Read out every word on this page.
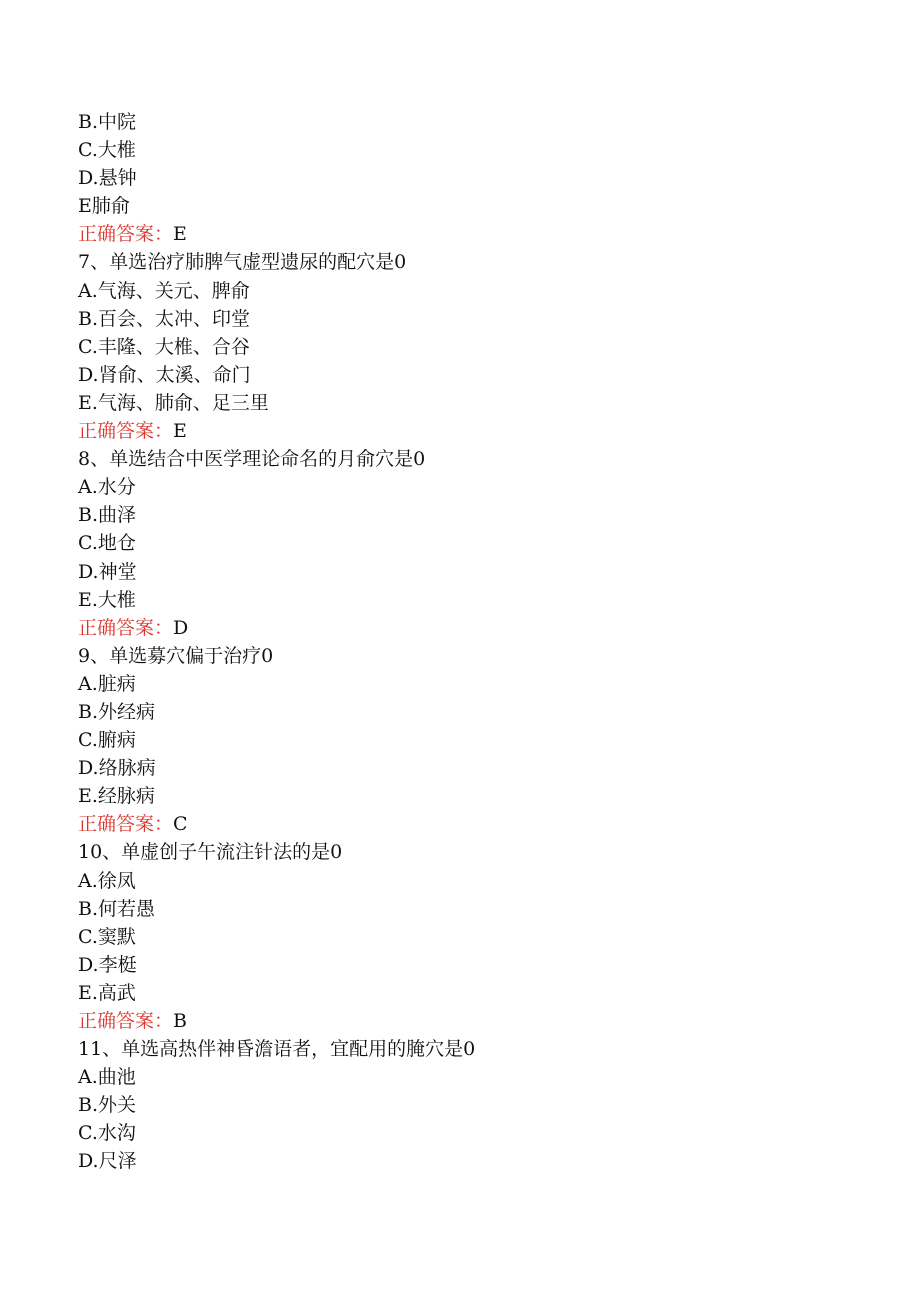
B.中院
C.大椎
D.悬钟
E肺俞
正确答案：E
7、单选治疗肺脾气虚型遗尿的配穴是0
A.气海、关元、脾俞
B.百会、太冲、印堂
C.丰隆、大椎、合谷
D.肾俞、太溪、命门
E.气海、肺俞、足三里
正确答案：E
8、单选结合中医学理论命名的月俞穴是0
A.水分
B.曲泽
C.地仓
D.神堂
E.大椎
正确答案：D
9、单选募穴偏于治疗0
A.脏病
B.外经病
C.腑病
D.络脉病
E.经脉病
正确答案：C
10、单虚创子午流注针法的是0
A.徐凤
B.何若愚
C.窦默
D.李梃
E.高武
正确答案：B
11、单选高热伴神昏澹语者，宜配用的腌穴是0
A.曲池
B.外关
C.水沟
D.尺泽
